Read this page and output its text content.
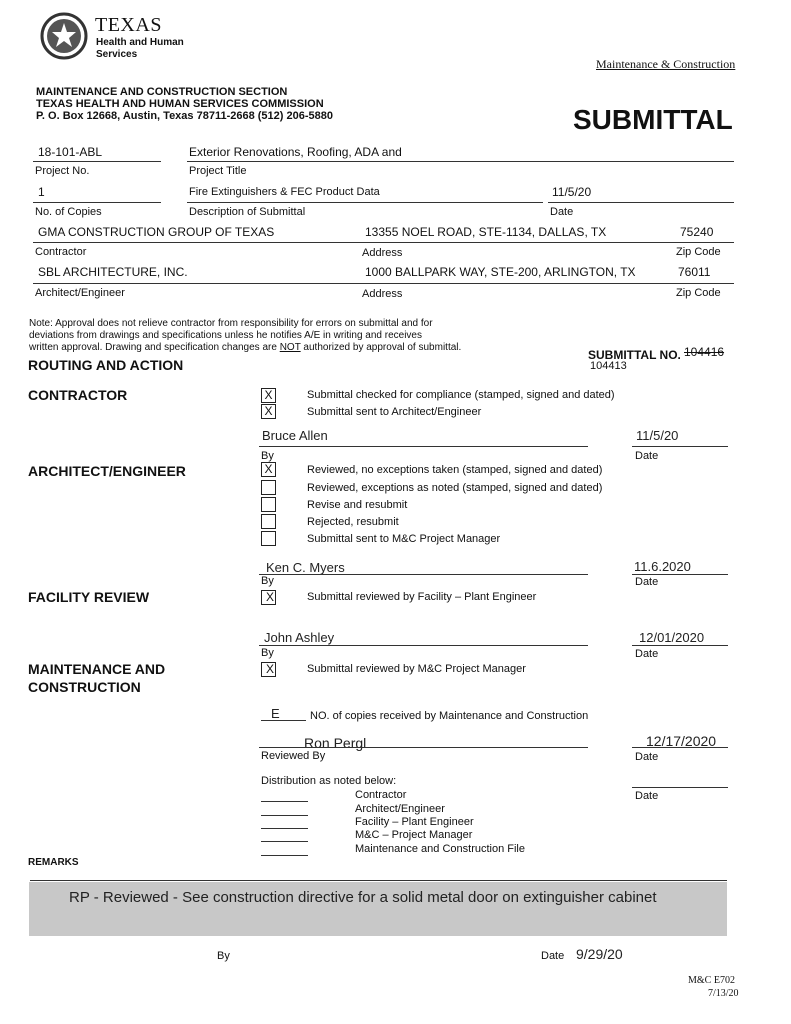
TEXAS
Health and Human
Services
Maintenance & Construction
MAINTENANCE AND CONSTRUCTION SECTION
TEXAS HEALTH AND HUMAN SERVICES COMMISSION
P. O. Box 12668, Austin, Texas 78711-2668 (512) 206-5880	SUBMITTAL
18-101-ABL
Project No.
Exterior Renovations, Roofing, ADA and
Project Title
1
No. of Copies
Fire Extinguishers & FEC Product Data
Description of Submittal
11/5/20
Date
GMA CONSTRUCTION GROUP OF TEXAS	13355 NOEL ROAD, STE-1134, DALLAS, TX	75240
Contractor	Address	Zip Code
SBL ARCHITECTURE, INC.	1000 BALLPARK WAY, STE-200, ARLINGTON, TX	76011
Architect/Engineer	Address	Zip Code
Note: Approval does not relieve contractor from responsibility for errors on submittal and for
deviations from drawings and specifications unless he notifies A/E in writing and receives
written approval. Drawing and specification changes are NOT authorized by approval of submittal.
SUBMITTAL NO. 104416
104413
ROUTING AND ACTION
CONTRACTOR	X	Submittal checked for compliance (stamped, signed and dated)
X	Submittal sent to Architect/Engineer
Bruce Allen
By
11/5/20
Date
ARCHITECT/ENGINEER	X	Reviewed, no exceptions taken (stamped, signed and dated)
Reviewed, exceptions as noted (stamped, signed and dated)
Revise and resubmit
Rejected, resubmit
Submittal sent to M&C Project Manager
Ken C. Myers
By
11.6.2020
Date
FACILITY REVIEW	X	Submittal reviewed by Facility – Plant Engineer
John Ashley
By
12/01/2020
Date
MAINTENANCE AND
CONSTRUCTION
X	Submittal reviewed by M&C Project Manager
E	NO. of copies received by Maintenance and Construction
Ron Pergl
Reviewed By
12/17/2020
Date
Distribution as noted below:
Date
Contractor
Architect/Engineer
Facility – Plant Engineer
M&C – Project Manager
Maintenance and Construction File
REMARKS
RP - Reviewed - See construction directive for a solid metal door on extinguisher cabinet
By	Date 9/29/20
M&C E702
7/13/20
